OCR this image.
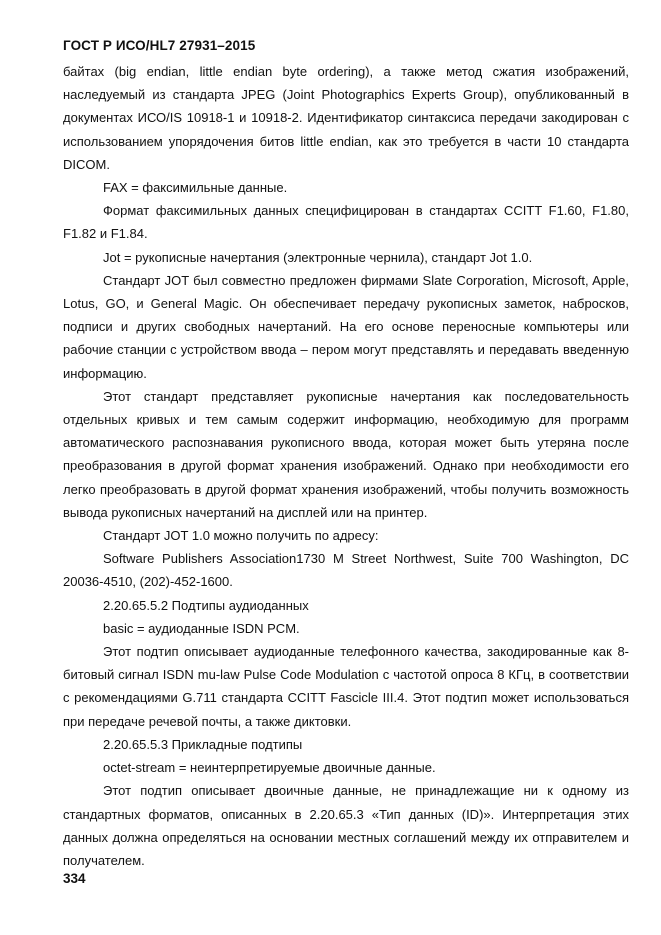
ГОСТ Р ИСО/HL7 27931–2015

байтах (big endian, little endian byte ordering), а также метод сжатия изображений, наследуемый из стандарта JPEG (Joint Photographics Experts Group), опубликованный в документах ИСО/IS 10918-1 и 10918-2. Идентификатор синтаксиса передачи закодирован с использованием упорядочения битов little endian, как это требуется в части 10 стандарта DICOM.

FAX = факсимильные данные.

Формат факсимильных данных специфицирован в стандартах CCITT F1.60, F1.80, F1.82 и F1.84.

Jot = рукописные начертания (электронные чернила), стандарт Jot 1.0.

Стандарт JOT был совместно предложен фирмами Slate Corporation, Microsoft, Apple, Lotus, GO, и General Magic. Он обеспечивает передачу рукописных заметок, набросков, подписи и других свободных начертаний. На его основе переносные компьютеры или рабочие станции с устройством ввода – пером могут представлять и передавать введенную информацию.

Этот стандарт представляет рукописные начертания как последовательность отдельных кривых и тем самым содержит информацию, необходимую для программ автоматического распознавания рукописного ввода, которая может быть утеряна после преобразования в другой формат хранения изображений. Однако при необходимости его легко преобразовать в другой формат хранения изображений, чтобы получить возможность вывода рукописных начертаний на дисплей или на принтер.

Стандарт JOT 1.0 можно получить по адресу:

Software Publishers Association1730 M Street Northwest, Suite 700 Washington, DC 20036-4510, (202)-452-1600.

2.20.65.5.2 Подтипы аудиоданных

basic = аудиоданные ISDN PCM.

Этот подтип описывает аудиоданные телефонного качества, закодированные как 8-битовый сигнал ISDN mu-law Pulse Code Modulation с частотой опроса 8 КГц, в соответствии с рекомендациями G.711 стандарта CCITT Fascicle III.4. Этот подтип может использоваться при передаче речевой почты, а также диктовки.

2.20.65.5.3 Прикладные подтипы

octet-stream = неинтерпретируемые двоичные данные.

Этот подтип описывает двоичные данные, не принадлежащие ни к одному из стандартных форматов, описанных в 2.20.65.3 «Тип данных (ID)». Интерпретация этих данных должна определяться на основании местных соглашений между их отправителем и получателем.

334
